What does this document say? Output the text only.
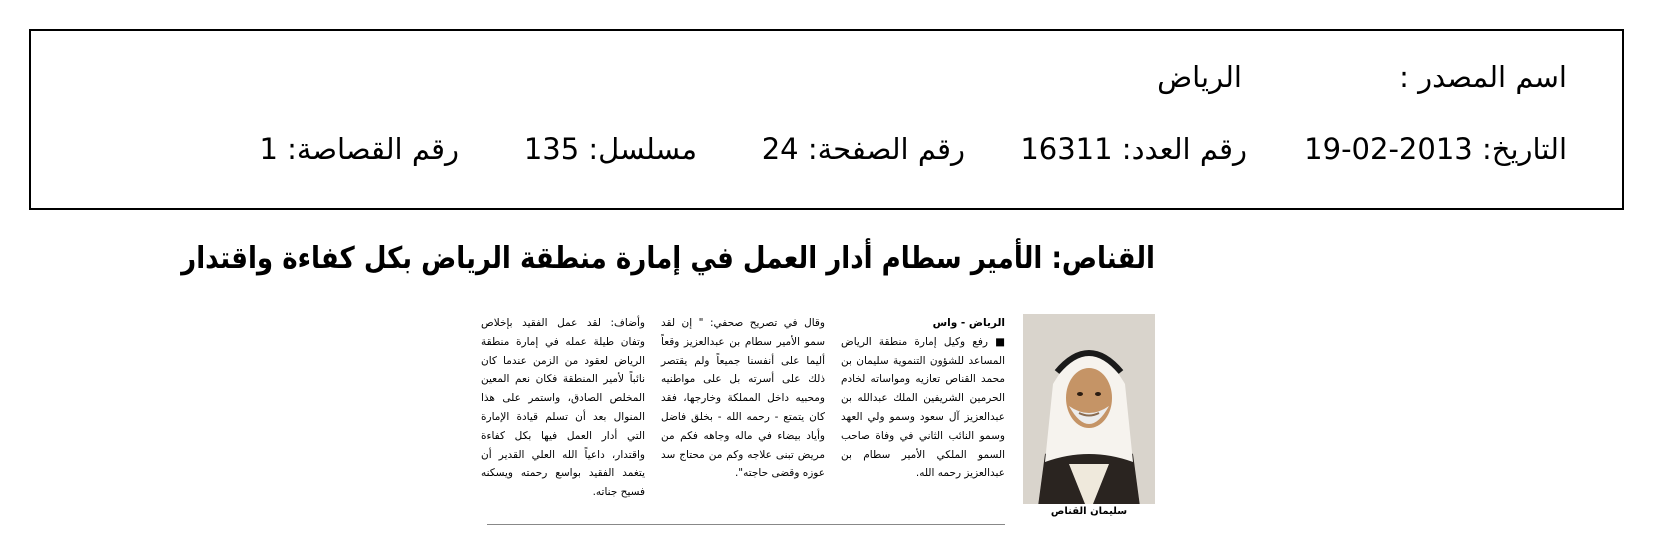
اسم المصدر :
الرياض
التاريخ: 2013-02-19
رقم العدد: 16311
رقم الصفحة: 24
مسلسل: 135
رقم القصاصة: 1
القناص: الأمير سطام أدار العمل في إمارة منطقة الرياض بكل كفاءة واقتدار
سليمان القناص
الرياض - واس
■ رفع وكيل إمارة منطقة الرياض المساعد للشؤون التنموية سليمان بن محمد القناص تعازيه ومواساته لخادم الحرمين الشريفين الملك عبدالله بن عبدالعزيز آل سعود وسمو ولي العهد وسمو النائب الثاني في وفاة صاحب السمو الملكي الأمير سطام بن عبدالعزيز رحمه الله.
وقال في تصريح صحفي: " إن لقد سمو الأمير سطام بن عبدالعزيز وقعاً أليما على أنفسنا جميعاً ولم يقتصر ذلك على أسرته بل على مواطنيه ومحبيه داخل المملكة وخارجها، فقد كان يتمتع - رحمه الله - بخلق فاضل وأياد بيضاء في ماله وجاهه فكم من مريض تبنى علاجه وكم من محتاج سد عوزه وقضى حاجته".
وأضاف: لقد عمل الفقيد بإخلاص وتفان طيلة عمله في إمارة منطقة الرياض لعقود من الزمن عندما كان نائباً لأمير المنطقة فكان نعم المعين المخلص الصادق، واستمر على هذا المنوال بعد أن تسلم قيادة الإمارة التي أدار العمل فيها بكل كفاءة واقتدار، داعياً الله العلي القدير أن يتغمد الفقيد بواسع رحمته ويسكنه فسيح جناته.
